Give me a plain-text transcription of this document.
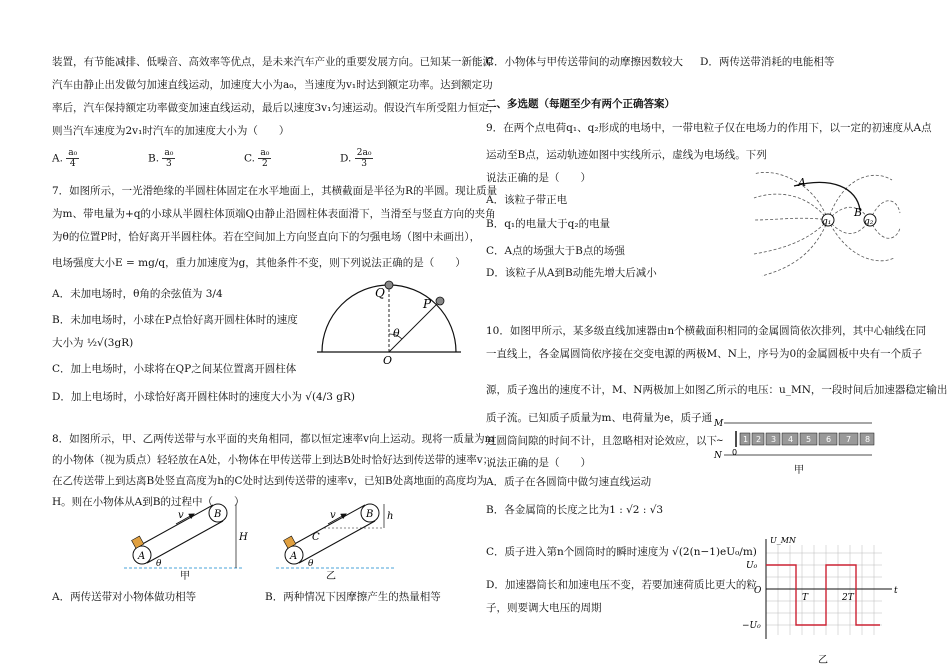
装置，有节能减排、低噪音、高效率等优点，是未来汽车产业的重要发展方向。已知某一新能源
汽车由静止出发做匀加速直线运动，加速度大小为a₀，当速度为v₁时达到额定功率。达到额定功
率后，汽车保持额定功率做变加速直线运动，最后以速度3v₁匀速运动。假设汽车所受阻力恒定，
则当汽车速度为2v₁时汽车的加速度大小为（　　）
A. $\frac{\text{a₀}}{4}$	B. $\frac{\text{a₀}}{3}$	C. $\frac{\text{a₀}}{2}$	D. $\frac{\text{2a₀}}{3}$
7．如图所示，一光滑绝缘的半圆柱体固定在水平地面上，其横截面是半径为R的半圆。现让质量
为m、带电量为+q的小球从半圆柱体顶端Q由静止沿圆柱体表面滑下，当滑至与竖直方向的夹角
为θ的位置P时，恰好离开半圆柱体。若在空间加上方向竖直向下的匀强电场（图中未画出），
电场强度大小E = mg/q，重力加速度为g，其他条件不变，则下列说法正确的是（　　）
A．未加电场时，θ角的余弦值为 3/4
B．未加电场时，小球在P点恰好离开圆柱体时的速度
大小为 ½√(3gR)
C．加上电场时，小球将在QP之间某位置离开圆柱体
D．加上电场时，小球恰好离开圆柱体时的速度大小为 √(4/3 gR)
Q
P
θ
O
8．如图所示，甲、乙两传送带与水平面的夹角相同，都以恒定速率v向上运动。现将一质量为m
的小物体（视为质点）轻轻放在A处，小物体在甲传送带上到达B处时恰好达到传送带的速率v；
在乙传送带上到达离B处竖直高度为h的C处时达到传送带的速率v，已知B处离地面的高度均为
H。则在小物体从A到B的过程中（　　）
v
A
B
H
θ
甲
v
A
B
C
h
θ
乙
A．两传送带对小物体做功相等	B．两种情况下因摩擦产生的热量相等
C．小物体与甲传送带间的动摩擦因数较大 D．两传送带消耗的电能相等
二、多选题（每题至少有两个正确答案）
9．在两个点电荷q₁、q₂形成的电场中，一带电粒子仅在电场力的作用下，以一定的初速度从A点
运动至B点，运动轨迹如图中实线所示，虚线为电场线。下列
说法正确的是（　　）
A．该粒子带正电
B．q₁的电量大于q₂的电量
C．A点的场强大于B点的场强
D．该粒子从A到B动能先增大后减小
A
B
q₁	q₂
10．如图甲所示，某多级直线加速器由n个横截面积相同的金属圆筒依次排列，其中心轴线在同
一直线上，各金属圆筒依序接在交变电源的两极M、N上，序号为0的金属圆板中央有一个质子
源，质子逸出的速度不计，M、N两极加上如图乙所示的电压：u_MN，一段时间后加速器稳定输出
质子流。已知质子质量为m、电荷量为e，质子通
过圆筒间隙的时间不计，且忽略相对论效应，以下
说法正确的是（　　）
A．质子在各圆筒中做匀速直线运动
B．各金属筒的长度之比为1 : √2 : √3
C．质子进入第n个圆筒时的瞬时速度为 √(2(n−1)eU₀/m)
D．加速器筒长和加速电压不变，若要加速荷质比更大的粒
子，则要调大电压的周期
M
N
~ 1 2 3 4 5 6 7 8
0
甲
U_MN
U₀
O
T	2T
t
−U₀
乙
